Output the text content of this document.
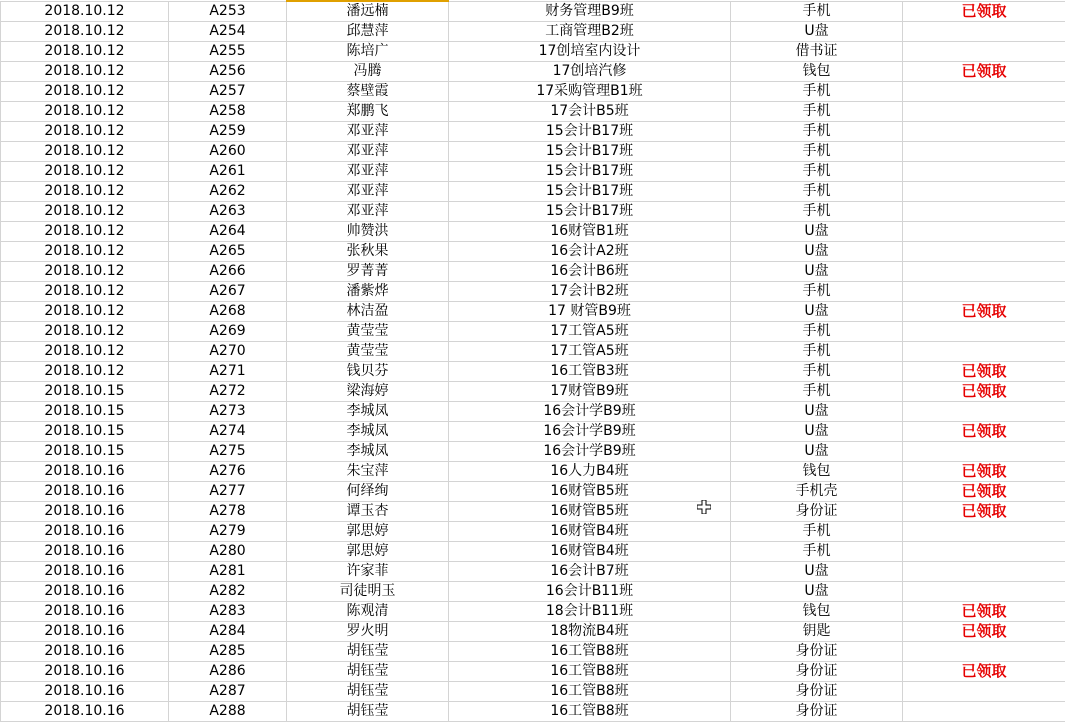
2018.10.12	A253	潘远楠	财务管理B9班	手机	已领取
2018.10.12	A254	邱慧萍	工商管理B2班	U盘	
2018.10.12	A255	陈培广	17创培室内设计	借书证	
2018.10.12	A256	冯腾	17创培汽修	钱包	已领取
2018.10.12	A257	蔡壁霞	17采购管理B1班	手机	
2018.10.12	A258	郑鹏飞	17会计B5班	手机	
2018.10.12	A259	邓亚萍	15会计B17班	手机	
2018.10.12	A260	邓亚萍	15会计B17班	手机	
2018.10.12	A261	邓亚萍	15会计B17班	手机	
2018.10.12	A262	邓亚萍	15会计B17班	手机	
2018.10.12	A263	邓亚萍	15会计B17班	手机	
2018.10.12	A264	帅赞洪	16财管B1班	U盘	
2018.10.12	A265	张秋果	16会计A2班	U盘	
2018.10.12	A266	罗菁菁	16会计B6班	U盘	
2018.10.12	A267	潘紫烨	17会计B2班	手机	
2018.10.12	A268	林洁盈	17 财管B9班	U盘	已领取
2018.10.12	A269	黄莹莹	17工管A5班	手机	
2018.10.12	A270	黄莹莹	17工管A5班	手机	
2018.10.12	A271	钱贝芬	16工管B3班	手机	已领取
2018.10.15	A272	梁海婷	17财管B9班	手机	已领取
2018.10.15	A273	李城凤	16会计学B9班	U盘	
2018.10.15	A274	李城凤	16会计学B9班	U盘	已领取
2018.10.15	A275	李城凤	16会计学B9班	U盘	
2018.10.16	A276	朱宝萍	16人力B4班	钱包	已领取
2018.10.16	A277	何绎绚	16财管B5班	手机壳	已领取
2018.10.16	A278	谭玉杏	16财管B5班	身份证	已领取
2018.10.16	A279	郭思婷	16财管B4班	手机	
2018.10.16	A280	郭思婷	16财管B4班	手机	
2018.10.16	A281	许家菲	16会计B7班	U盘	
2018.10.16	A282	司徒明玉	16会计B11班	U盘	
2018.10.16	A283	陈观清	18会计B11班	钱包	已领取
2018.10.16	A284	罗火明	18物流B4班	钥匙	已领取
2018.10.16	A285	胡钰莹	16工管B8班	身份证	
2018.10.16	A286	胡钰莹	16工管B8班	身份证	已领取
2018.10.16	A287	胡钰莹	16工管B8班	身份证	
2018.10.16	A288	胡钰莹	16工管B8班	身份证	
